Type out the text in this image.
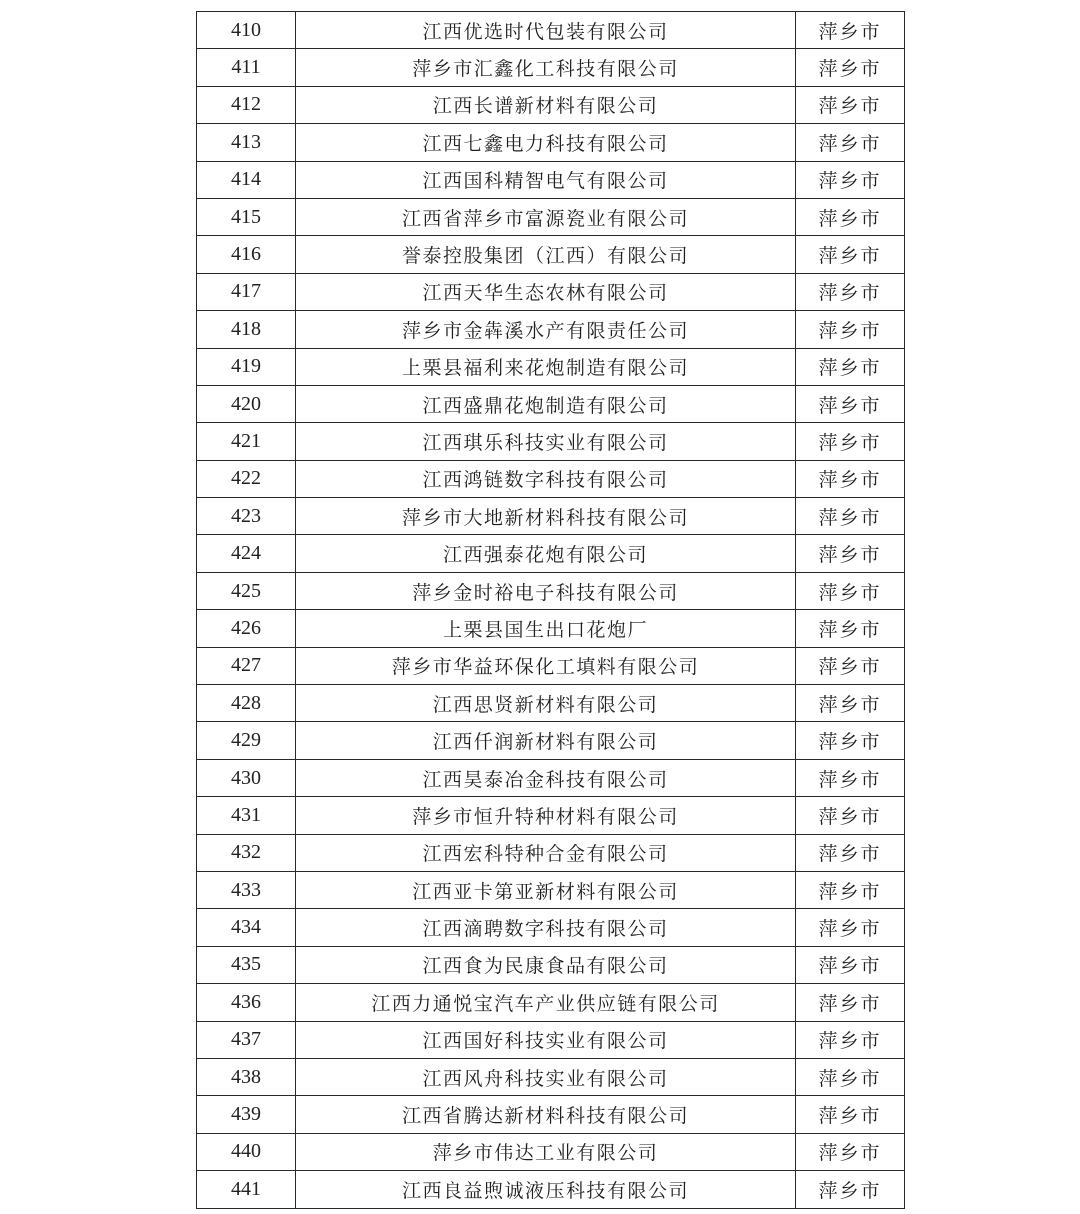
410	江西优选时代包装有限公司	萍乡市
411	萍乡市汇鑫化工科技有限公司	萍乡市
412	江西长谱新材料有限公司	萍乡市
413	江西七鑫电力科技有限公司	萍乡市
414	江西国科精智电气有限公司	萍乡市
415	江西省萍乡市富源瓷业有限公司	萍乡市
416	誉泰控股集团（江西）有限公司	萍乡市
417	江西天华生态农林有限公司	萍乡市
418	萍乡市金犇溪水产有限责任公司	萍乡市
419	上栗县福利来花炮制造有限公司	萍乡市
420	江西盛鼎花炮制造有限公司	萍乡市
421	江西琪乐科技实业有限公司	萍乡市
422	江西鸿链数字科技有限公司	萍乡市
423	萍乡市大地新材料科技有限公司	萍乡市
424	江西强泰花炮有限公司	萍乡市
425	萍乡金时裕电子科技有限公司	萍乡市
426	上栗县国生出口花炮厂	萍乡市
427	萍乡市华益环保化工填料有限公司	萍乡市
428	江西思贤新材料有限公司	萍乡市
429	江西仟润新材料有限公司	萍乡市
430	江西昊泰冶金科技有限公司	萍乡市
431	萍乡市恒升特种材料有限公司	萍乡市
432	江西宏科特种合金有限公司	萍乡市
433	江西亚卡第亚新材料有限公司	萍乡市
434	江西滴聘数字科技有限公司	萍乡市
435	江西食为民康食品有限公司	萍乡市
436	江西力通悦宝汽车产业供应链有限公司	萍乡市
437	江西国好科技实业有限公司	萍乡市
438	江西风舟科技实业有限公司	萍乡市
439	江西省腾达新材料科技有限公司	萍乡市
440	萍乡市伟达工业有限公司	萍乡市
441	江西良益煦诚液压科技有限公司	萍乡市
